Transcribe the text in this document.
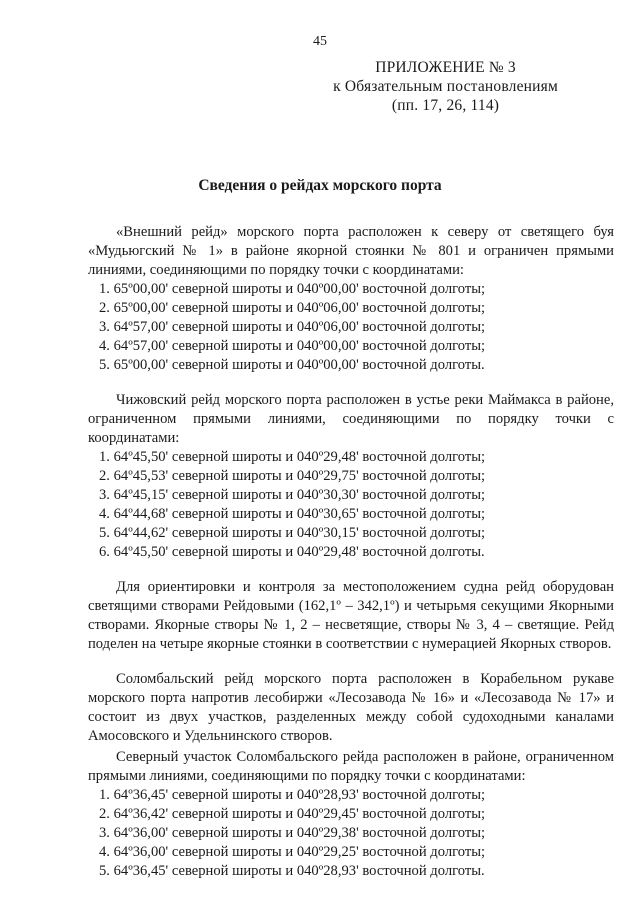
45
ПРИЛОЖЕНИЕ № 3
к Обязательным постановлениям
(пп. 17, 26, 114)
Сведения о рейдах морского порта

«Внешний рейд» морского порта расположен к северу от светящего буя «Мудьюгский № 1» в районе якорной стоянки № 801 и ограничен прямыми линиями, соединяющими по порядку точки с координатами:

1. 65º00,00' северной широты и 040º00,00' восточной долготы;
2. 65º00,00' северной широты и 040º06,00' восточной долготы;
3. 64º57,00' северной широты и 040º06,00' восточной долготы;
4. 64º57,00' северной широты и 040º00,00' восточной долготы;
5. 65º00,00' северной широты и 040º00,00' восточной долготы.

Чижовский рейд морского порта расположен в устье реки Маймакса в районе, ограниченном прямыми линиями, соединяющими по порядку точки с координатами:

1. 64º45,50' северной широты и 040º29,48' восточной долготы;
2. 64º45,53' северной широты и 040º29,75' восточной долготы;
3. 64º45,15' северной широты и 040º30,30' восточной долготы;
4. 64º44,68' северной широты и 040º30,65' восточной долготы;
5. 64º44,62' северной широты и 040º30,15' восточной долготы;
6. 64º45,50' северной широты и 040º29,48' восточной долготы.

Для ориентировки и контроля за местоположением судна рейд оборудован светящими створами Рейдовыми (162,1º – 342,1º) и четырьмя секущими Якорными створами. Якорные створы № 1, 2 – несветящие, створы № 3, 4 – светящие. Рейд поделен на четыре якорные стоянки в соответствии с нумерацией Якорных створов.

Соломбальский рейд морского порта расположен в Корабельном рукаве морского порта напротив лесобиржи «Лесозавода № 16» и «Лесозавода № 17» и состоит из двух участков, разделенных между собой судоходными каналами Амосовского и Удельнинского створов.

Северный участок Соломбальского рейда расположен в районе, ограниченном прямыми линиями, соединяющими по порядку точки с координатами:

1. 64º36,45' северной широты и 040º28,93' восточной долготы;
2. 64º36,42' северной широты и 040º29,45' восточной долготы;
3. 64º36,00' северной широты и 040º29,38' восточной долготы;
4. 64º36,00' северной широты и 040º29,25' восточной долготы;
5. 64º36,45' северной широты и 040º28,93' восточной долготы.
